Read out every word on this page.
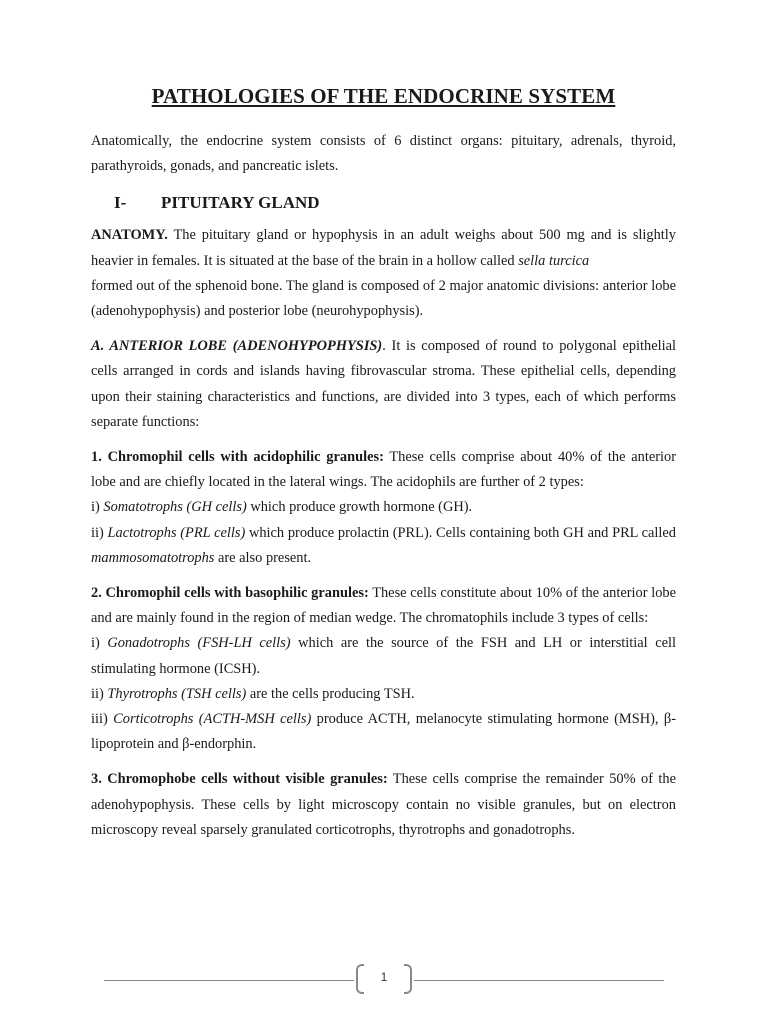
PATHOLOGIES OF THE ENDOCRINE SYSTEM

Anatomically, the endocrine system consists of 6 distinct organs: pituitary, adrenals, thyroid, parathyroids, gonads, and pancreatic islets.

I-	PITUITARY GLAND

ANATOMY. The pituitary gland or hypophysis in an adult weighs about 500 mg and is slightly heavier in females. It is situated at the base of the brain in a hollow called sella turcica
formed out of the sphenoid bone. The gland is composed of 2 major anatomic divisions: anterior lobe (adenohypophysis) and posterior lobe (neurohypophysis).

A. ANTERIOR LOBE (ADENOHYPOPHYSIS). It is composed of round to polygonal epithelial cells arranged in cords and islands having fibrovascular stroma. These epithelial cells, depending upon their staining characteristics and functions, are divided into 3 types, each of which performs separate functions:

1. Chromophil cells with acidophilic granules: These cells comprise about 40% of the anterior lobe and are chiefly located in the lateral wings. The acidophils are further of 2 types:

i) Somatotrophs (GH cells) which produce growth hormone (GH).

ii) Lactotrophs (PRL cells) which produce prolactin (PRL). Cells containing both GH and PRL called mammosomatotrophs are also present.

2. Chromophil cells with basophilic granules: These cells constitute about 10% of the anterior lobe and are mainly found in the region of median wedge. The chromatophils include 3 types of cells:

i) Gonadotrophs (FSH-LH cells) which are the source of the FSH and LH or interstitial cell stimulating hormone (ICSH).

ii) Thyrotrophs (TSH cells) are the cells producing TSH.

iii) Corticotrophs (ACTH-MSH cells) produce ACTH, melanocyte stimulating hormone (MSH), β-lipoprotein and β-endorphin.

3. Chromophobe cells without visible granules: These cells comprise the remainder 50% of the adenohypophysis. These cells by light microscopy contain no visible granules, but on electron microscopy reveal sparsely granulated corticotrophs, thyrotrophs and gonadotrophs.

1
